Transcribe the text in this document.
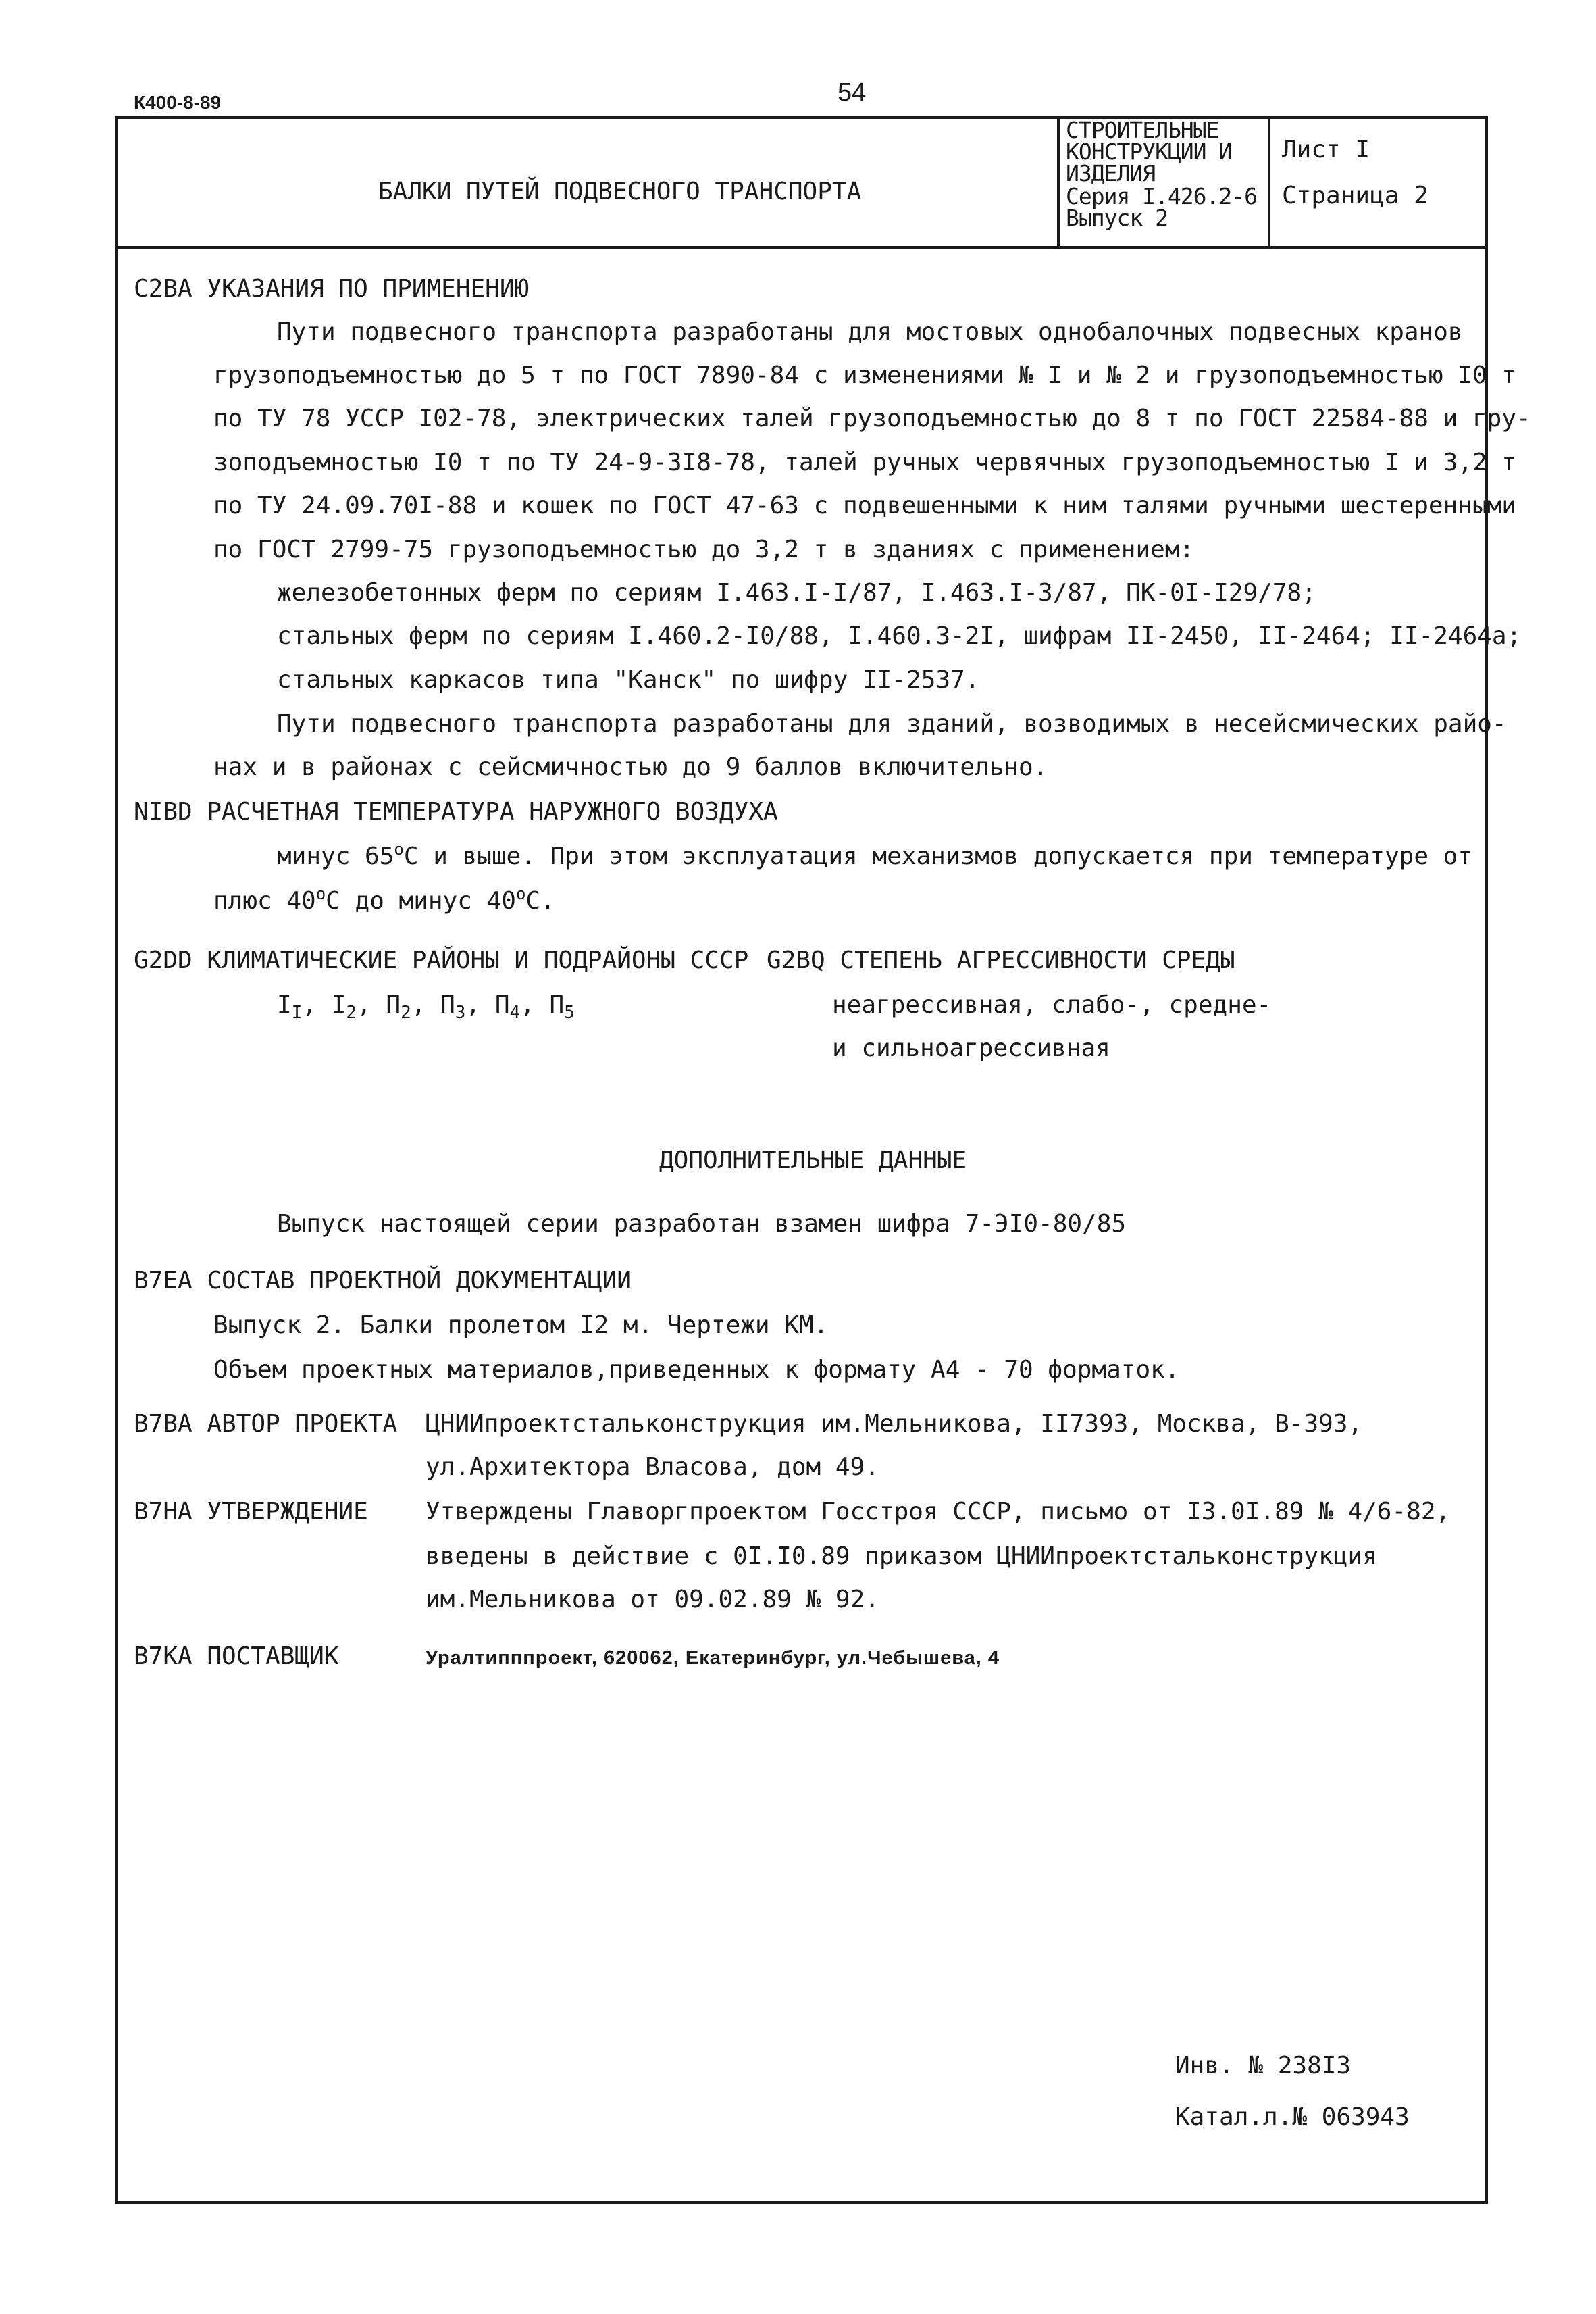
К400-8-89	54
БАЛКИ ПУТЕЙ ПОДВЕСНОГО ТРАНСПОРТА
СТРОИТЕЛЬНЫЕ
КОНСТРУКЦИИ И
ИЗДЕЛИЯ
Серия I.426.2-6
Выпуск 2
Лист I
Страница 2
C2BA УКАЗАНИЯ ПО ПРИМЕНЕНИЮ
Пути подвесного транспорта разработаны для мостовых однобалочных подвесных кранов
грузоподъемностью до 5 т по ГОСТ 7890-84 с изменениями № I и № 2 и грузоподъемностью I0 т
по ТУ 78 УССР I02-78, электрических талей грузоподъемностью до 8 т по ГОСТ 22584-88 и гру-
зоподъемностью I0 т по ТУ 24-9-3I8-78, талей ручных червячных грузоподъемностью I и 3,2 т
по ТУ 24.09.70I-88 и кошек по ГОСТ 47-63 с подвешенными к ним талями ручными шестеренными
по ГОСТ 2799-75 грузоподъемностью до 3,2 т в зданиях с применением:
железобетонных ферм по сериям I.463.I-I/87, I.463.I-3/87, ПК-0I-I29/78;
стальных ферм по сериям I.460.2-I0/88, I.460.3-2I, шифрам II-2450, II-2464; II-2464а;
стальных каркасов типа "Канск" по шифру II-2537.
Пути подвесного транспорта разработаны для зданий, возводимых в несейсмических райо-
нах и в районах с сейсмичностью до 9 баллов включительно.
NIBD РАСЧЕТНАЯ ТЕМПЕРАТУРА НАРУЖНОГО ВОЗДУХА
минус $65^оС$ и выше. При этом эксплуатация механизмов допускается при температуре от
плюс $40^оС$ до минус $40^оС$.
G2DD КЛИМАТИЧЕСКИЕ РАЙОНЫ И ПОДРАЙОНЫ СССР
$I_I$, $I_2$, $П_2$, $П_3$, $П_4$, $П_5$
G2BQ СТЕПЕНЬ АГРЕССИВНОСТИ СРЕДЫ
неагрессивная, слабо-, средне-
и сильноагрессивная
ДОПОЛНИТЕЛЬНЫЕ ДАННЫЕ
Выпуск настоящей серии разработан взамен шифра 7-ЭI0-80/85
B7EA СОСТАВ ПРОЕКТНОЙ ДОКУМЕНТАЦИИ
Выпуск 2. Балки пролетом I2 м. Чертежи КМ.
Объем проектных материалов,приведенных к формату А4 - 70 форматок.
B7BA АВТОР ПРОЕКТА ЦНИИпроектстальконструкция им.Мельникова, II7393, Москва, В-393,
ул.Архитектора Власова, дом 49.
B7HA УТВЕРЖДЕНИЕ Утверждены Главоргпроектом Госстроя СССР, письмо от I3.0I.89 № 4/6-82,
введены в действие с 0I.I0.89 приказом ЦНИИпроектстальконструкция
им.Мельникова от 09.02.89 № 92.
B7KA ПОСТАВЩИК	Уралтипппроект, 620062, Екатеринбург, ул.Чебышева, 4
Инв. № 238I3
Катал.л.№ 063943
